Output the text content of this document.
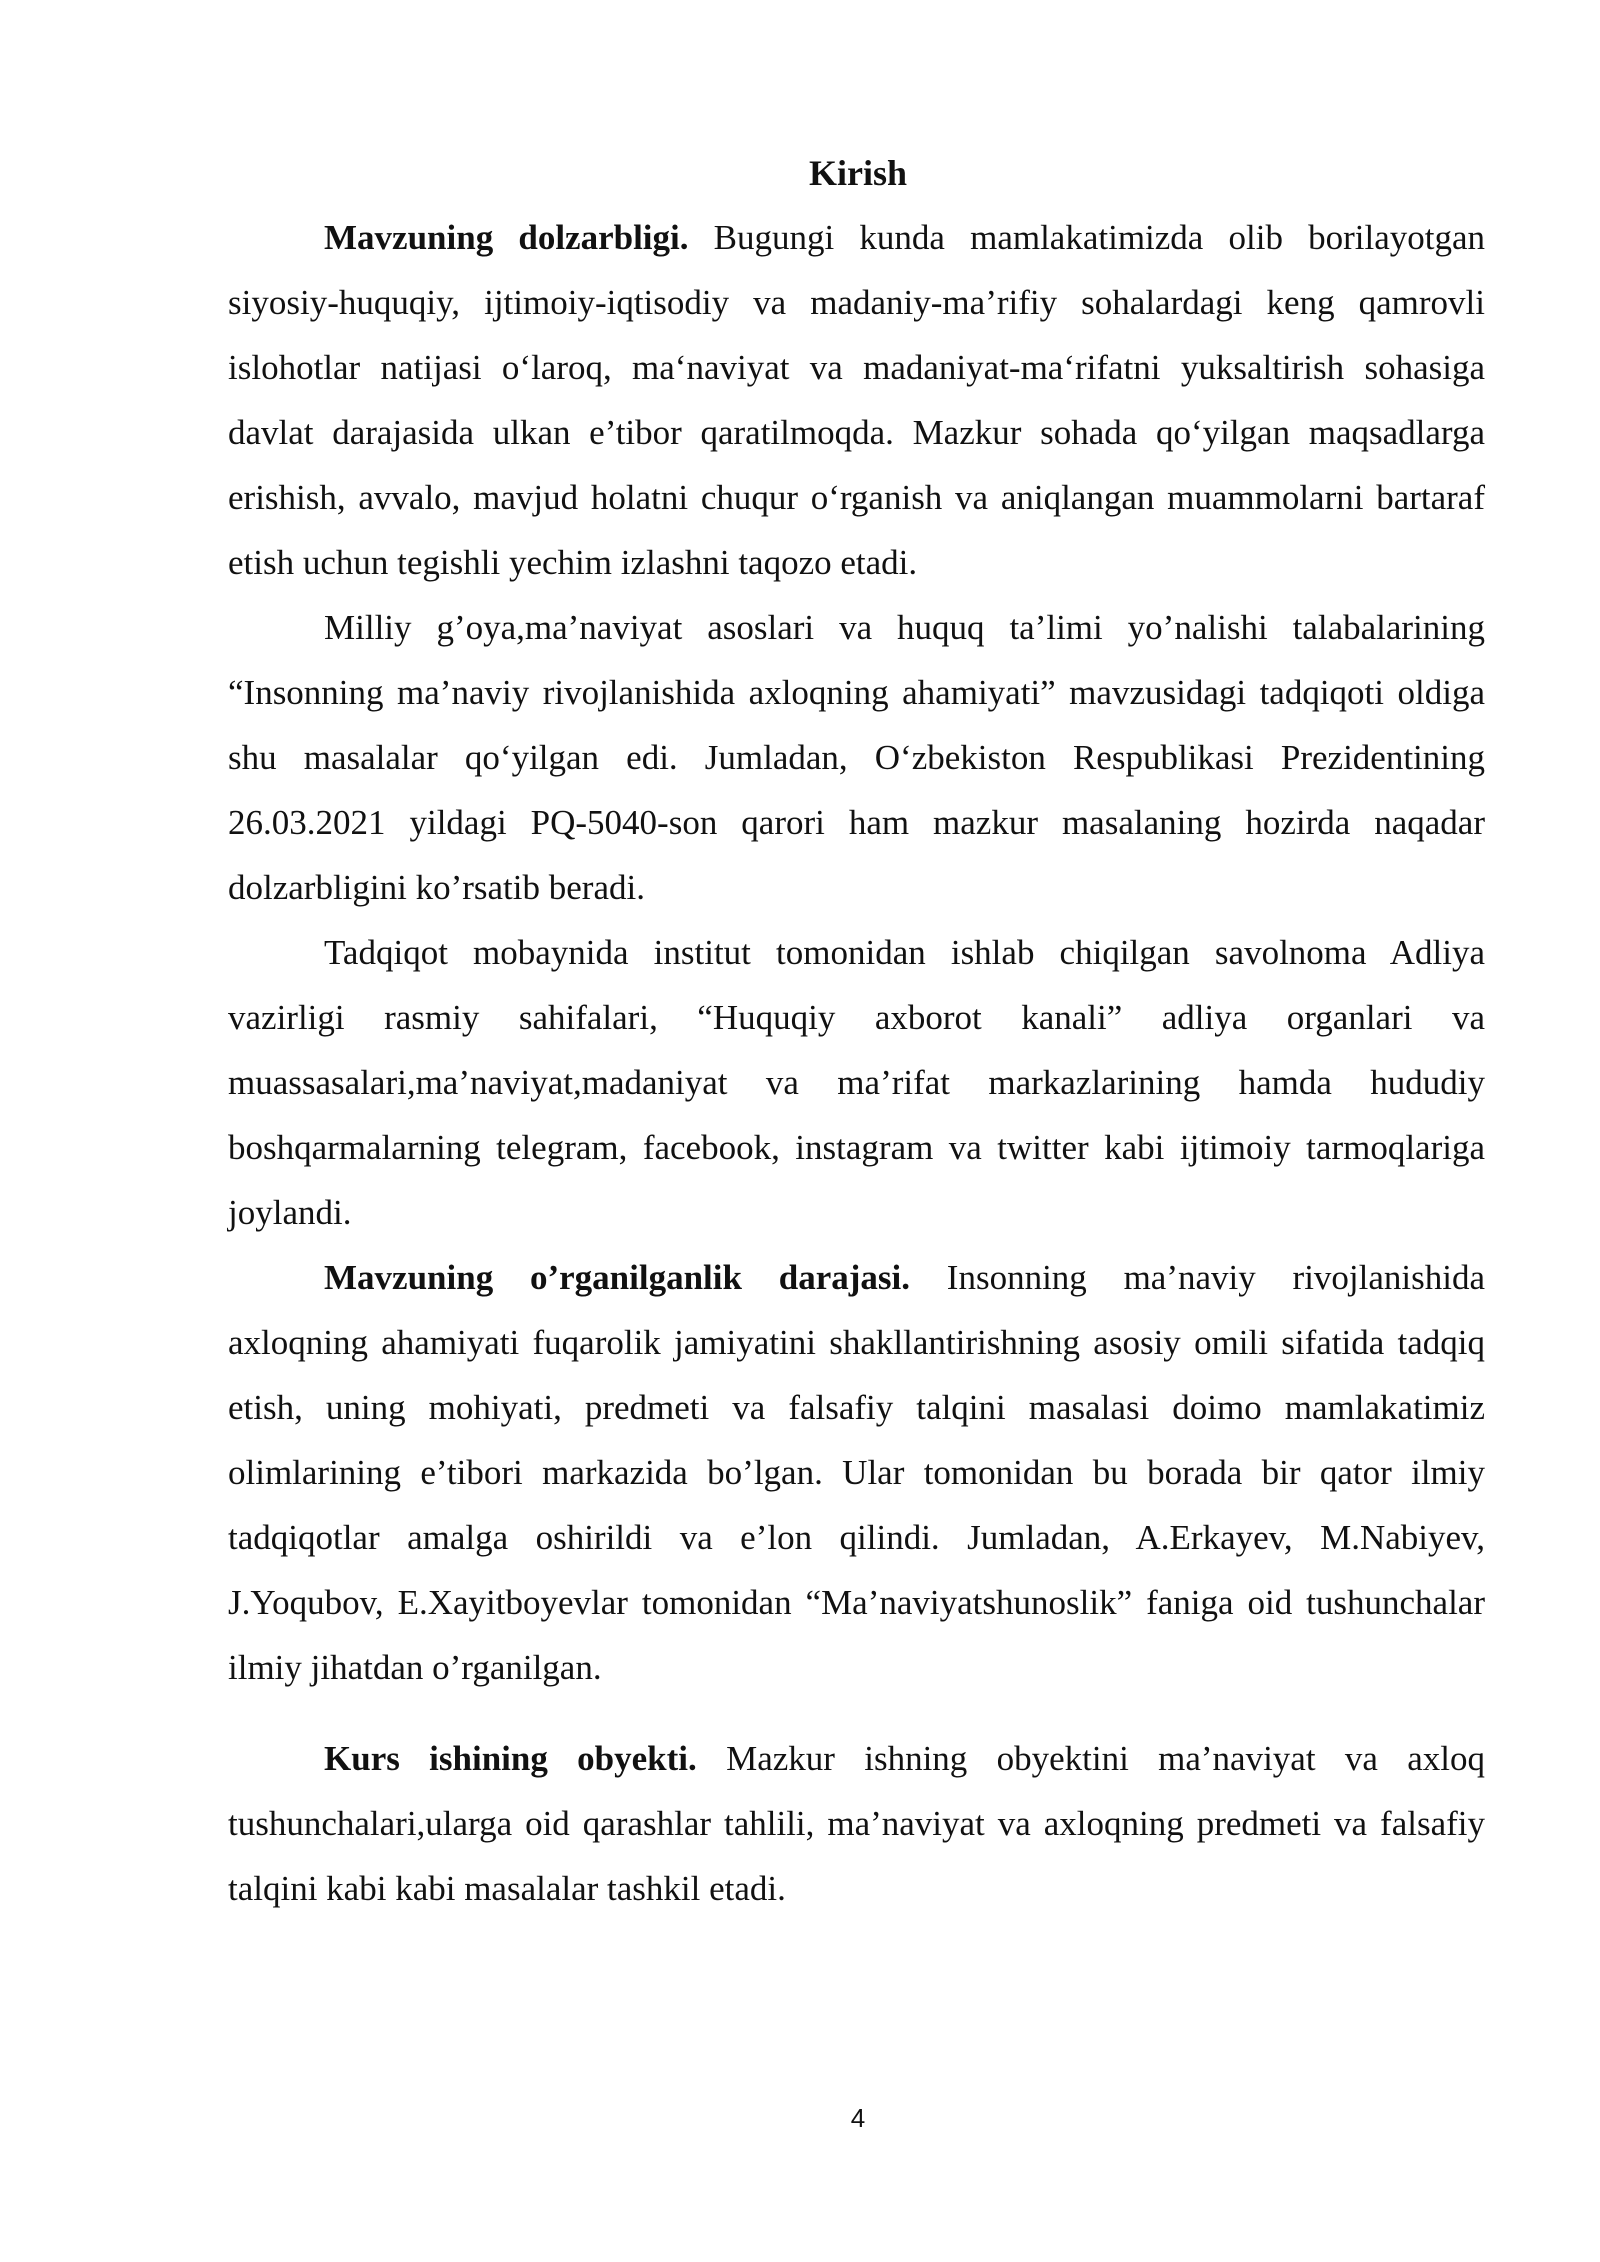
Kirish

Mavzuning dolzarbligi. Bugungi kunda mamlakatimizda olib borilayotgan siyosiy-huquqiy, ijtimoiy-iqtisodiy va madaniy-ma’rifiy sohalardagi keng qamrovli islohotlar natijasi o‘laroq, ma‘naviyat va madaniyat-ma‘rifatni yuksaltirish sohasiga davlat darajasida ulkan e’tibor qaratilmoqda. Mazkur sohada qo‘yilgan maqsadlarga erishish, avvalo, mavjud holatni chuqur o‘rganish va aniqlangan muammolarni bartaraf etish uchun tegishli yechim izlashni taqozo etadi.

Milliy g’oya,ma’naviyat asoslari va huquq ta’limi yo’nalishi talabalarining “Insonning ma’naviy rivojlanishida axloqning ahamiyati” mavzusidagi tadqiqoti oldiga shu masalalar qo‘yilgan edi. Jumladan, O‘zbekiston Respublikasi Prezidentining 26.03.2021 yildagi PQ-5040-son qarori ham mazkur masalaning hozirda naqadar dolzarbligini ko’rsatib beradi.

Tadqiqot mobaynida institut tomonidan ishlab chiqilgan savolnoma Adliya vazirligi rasmiy sahifalari, “Huquqiy axborot kanali” adliya organlari va muassasalari,ma’naviyat,madaniyat va ma’rifat markazlarining hamda hududiy boshqarmalarning telegram, facebook, instagram va twitter kabi ijtimoiy tarmoqlariga joylandi.

Mavzuning o’rganilganlik darajasi. Insonning ma’naviy rivojlanishida axloqning ahamiyati fuqarolik jamiyatini shakllantirishning asosiy omili sifatida tadqiq etish, uning mohiyati, predmeti va falsafiy talqini masalasi doimo mamlakatimiz olimlarining e’tibori markazida bo’lgan. Ular tomonidan bu borada bir qator ilmiy tadqiqotlar amalga oshirildi va e’lon qilindi. Jumladan, A.Erkayev, M.Nabiyev, J.Yoqubov, E.Xayitboyevlar tomonidan “Ma’naviyatshunoslik” faniga oid tushunchalar ilmiy jihatdan o’rganilgan.

Kurs ishining obyekti. Mazkur ishning obyektini ma’naviyat va axloq tushunchalari,ularga oid qarashlar tahlili, ma’naviyat va axloqning predmeti va falsafiy talqini kabi kabi masalalar tashkil etadi.

4
